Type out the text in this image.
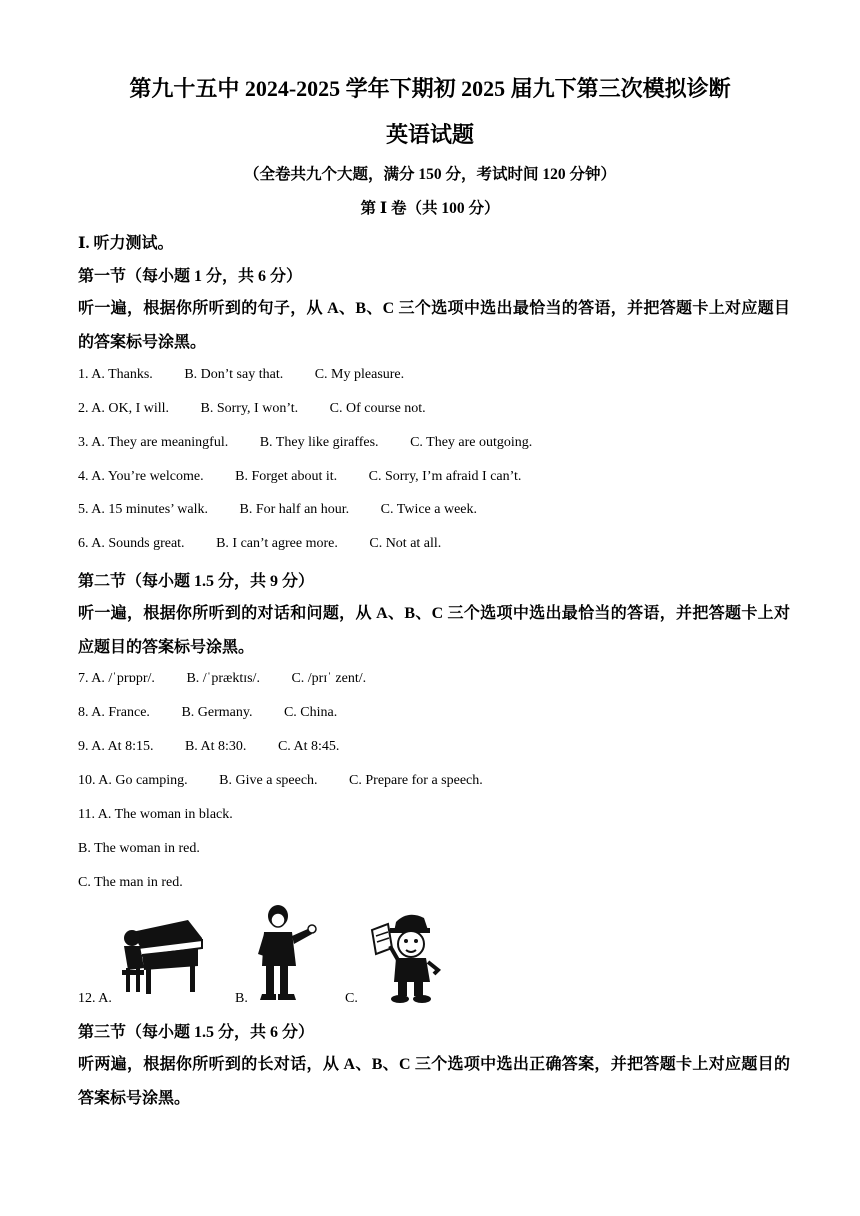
第九十五中 2024-2025 学年下期初 2025 届九下第三次模拟诊断
英语试题
（全卷共九个大题，满分 150 分，考试时间 120 分钟）
第 Ⅰ 卷（共 100 分）
Ⅰ. 听力测试。
第一节（每小题 1 分，共 6 分）
听一遍，根据你所听到的句子，从 A、B、C 三个选项中选出最恰当的答语，并把答题卡上对应题目的答案标号涂黑。
1. A. Thanks. B. Don’t say that. C. My pleasure.
2. A. OK, I will. B. Sorry, I won’t. C. Of course not.
3. A. They are meaningful. B. They like giraffes. C. They are outgoing.
4. A. You’re welcome. B. Forget about it. C. Sorry, I’m afraid I can’t.
5. A. 15 minutes’ walk. B. For half an hour. C. Twice a week.
6. A. Sounds great. B. I can’t agree more. C. Not at all.
第二节（每小题 1.5 分，共 9 分）
听一遍，根据你所听到的对话和问题，从 A、B、C 三个选项中选出最恰当的答语，并把答题卡上对应题目的答案标号涂黑。
7. A. /ˈprɒpr/. B. /ˈpræktɪs/. C. /prɪˈ zent/.
8. A. France. B. Germany. C. China.
9. A. At 8:15. B. At 8:30. C. At 8:45.
10. A. Go camping. B. Give a speech. C. Prepare for a speech.
11. A. The woman in black.
B. The woman in red.
C. The man in red.
12. A.	B.	C.
第三节（每小题 1.5 分，共 6 分）
听两遍，根据你所听到的长对话，从 A、B、C 三个选项中选出正确答案，并把答题卡上对应题目的答案标号涂黑。
